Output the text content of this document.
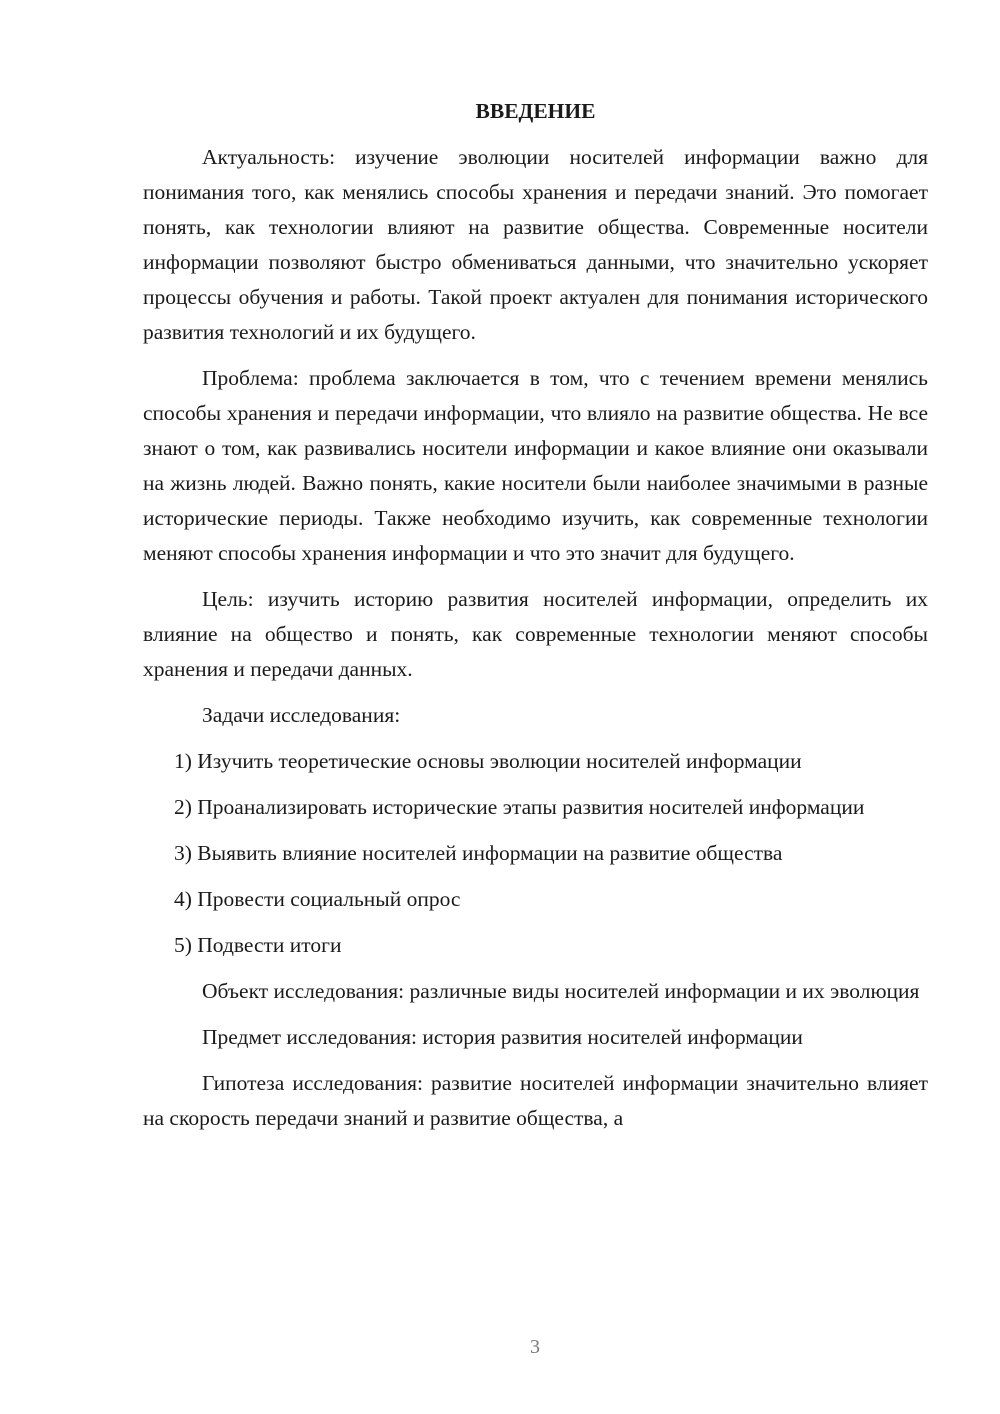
ВВЕДЕНИЕ

Актуальность: изучение эволюции носителей информации важно для понимания того, как менялись способы хранения и передачи знаний. Это помогает понять, как технологии влияют на развитие общества. Современные носители информации позволяют быстро обмениваться данными, что значительно ускоряет процессы обучения и работы. Такой проект актуален для понимания исторического развития технологий и их будущего.

Проблема: проблема заключается в том, что с течением времени менялись способы хранения и передачи информации, что влияло на развитие общества. Не все знают о том, как развивались носители информации и какое влияние они оказывали на жизнь людей. Важно понять, какие носители были наиболее значимыми в разные исторические периоды. Также необходимо изучить, как современные технологии меняют способы хранения информации и что это значит для будущего.

Цель: изучить историю развития носителей информации, определить их влияние на общество и понять, как современные технологии меняют способы хранения и передачи данных.

Задачи исследования:

1) Изучить теоретические основы эволюции носителей информации

2) Проанализировать исторические этапы развития носителей информации

3) Выявить влияние носителей информации на развитие общества

4) Провести социальный опрос

5) Подвести итоги

Объект исследования: различные виды носителей информации и их эволюция

Предмет исследования: история развития носителей информации

Гипотеза исследования: развитие носителей информации значительно влияет на скорость передачи знаний и развитие общества, а

3
